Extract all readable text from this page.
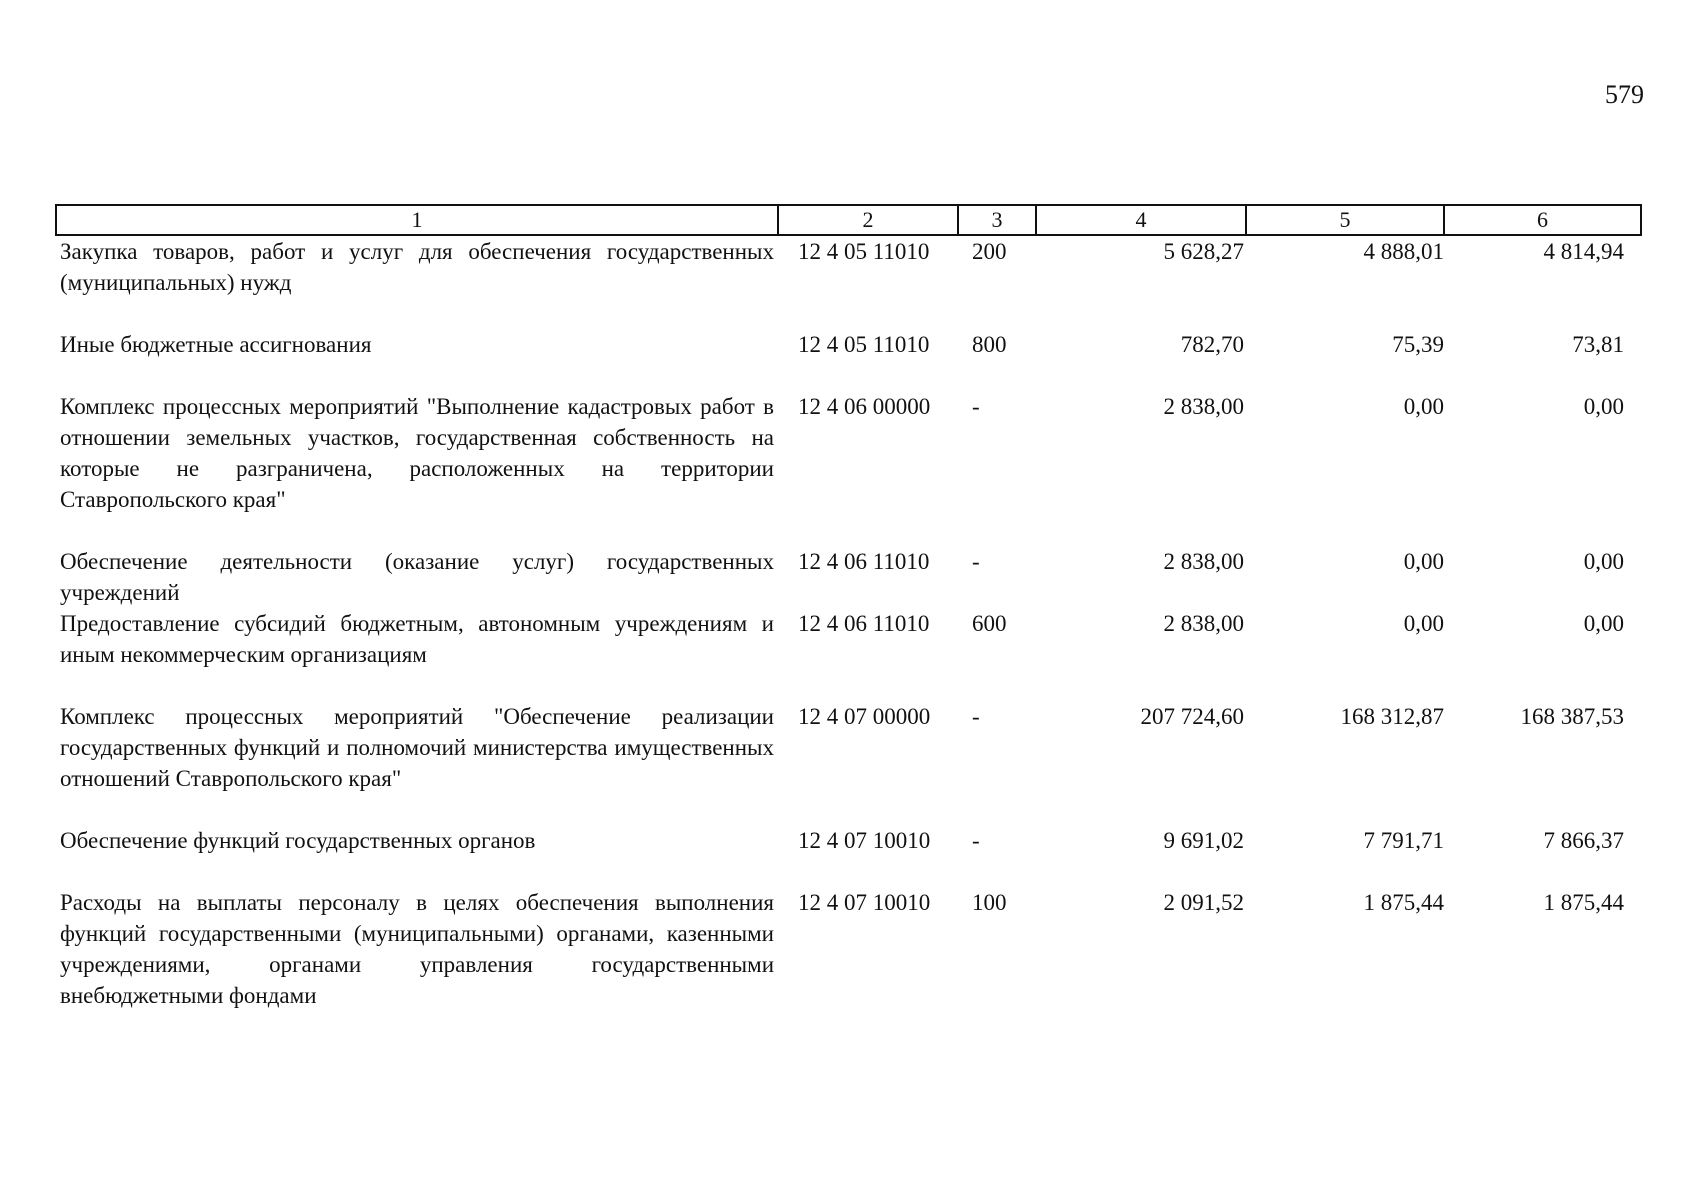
579
1	2	3	4	5	6
Закупка товаров, работ и услуг для обеспечения государственных (муниципальных) нужд	12 4 05 11010	200	5 628,27	4 888,01	4 814,94
Иные бюджетные ассигнования	12 4 05 11010	800	782,70	75,39	73,81
Комплекс процессных мероприятий "Выполнение кадастровых работ в отношении земельных участков, государственная собственность на которые не разграничена, расположенных на территории Ставропольского края"	12 4 06 00000	-	2 838,00	0,00	0,00
Обеспечение деятельности (оказание услуг) государственных учреждений	12 4 06 11010	-	2 838,00	0,00	0,00
Предоставление субсидий бюджетным, автономным учреждениям и иным некоммерческим организациям	12 4 06 11010	600	2 838,00	0,00	0,00
Комплекс процессных мероприятий "Обеспечение реализации государственных функций и полномочий министерства имущественных отношений Ставропольского края"	12 4 07 00000	-	207 724,60	168 312,87	168 387,53
Обеспечение функций государственных органов	12 4 07 10010	-	9 691,02	7 791,71	7 866,37
Расходы на выплаты персоналу в целях обеспечения выполнения функций государственными (муниципальными) органами, казенными учреждениями, органами управления государственными внебюджетными фондами	12 4 07 10010	100	2 091,52	1 875,44	1 875,44
